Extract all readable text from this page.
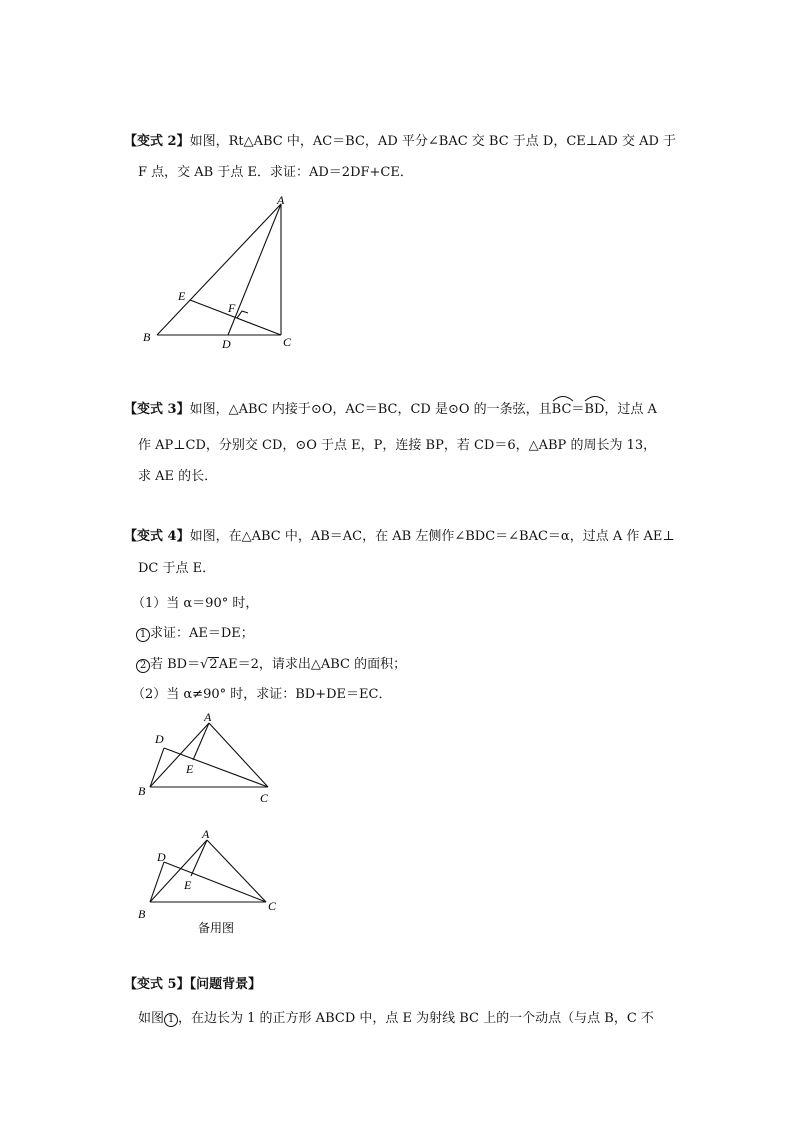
【变式 2】如图，Rt△ABC 中，AC＝BC，AD 平分∠BAC 交 BC 于点 D，CE⊥AD 交 AD 于
F 点，交 AB 于点 E．求证：AD＝2DF+CE．
A
B	C
D
E
F
【变式 3】如图，△ABC 内接于⊙O，AC＝BC，CD 是⊙O 的一条弦，且
BC＝
BD，过点 A
作 AP⊥CD，分别交 CD，⊙O 于点 E，P，连接 BP，若 CD＝6，△ABP 的周长为 13，
求 AE 的长．
【变式 4】如图，在△ABC 中，AB＝AC，在 AB 左侧作∠BDC＝∠BAC＝α，过点 A 作 AE⊥
DC 于点 E．
（1）当 α＝90° 时，
1 求证：AE＝DE；
2 若 BD＝√2AE＝2，请求出△ABC 的面积；
（2）当 α≠90° 时，求证：BD+DE＝EC．
A
B	C
D
E
A
B
C
D
E
备用图
【变式 5】【问题背景】
如图 1 ，在边长为 1 的正方形 ABCD 中，点 E 为射线 BC 上的一个动点（与点 B，C 不
